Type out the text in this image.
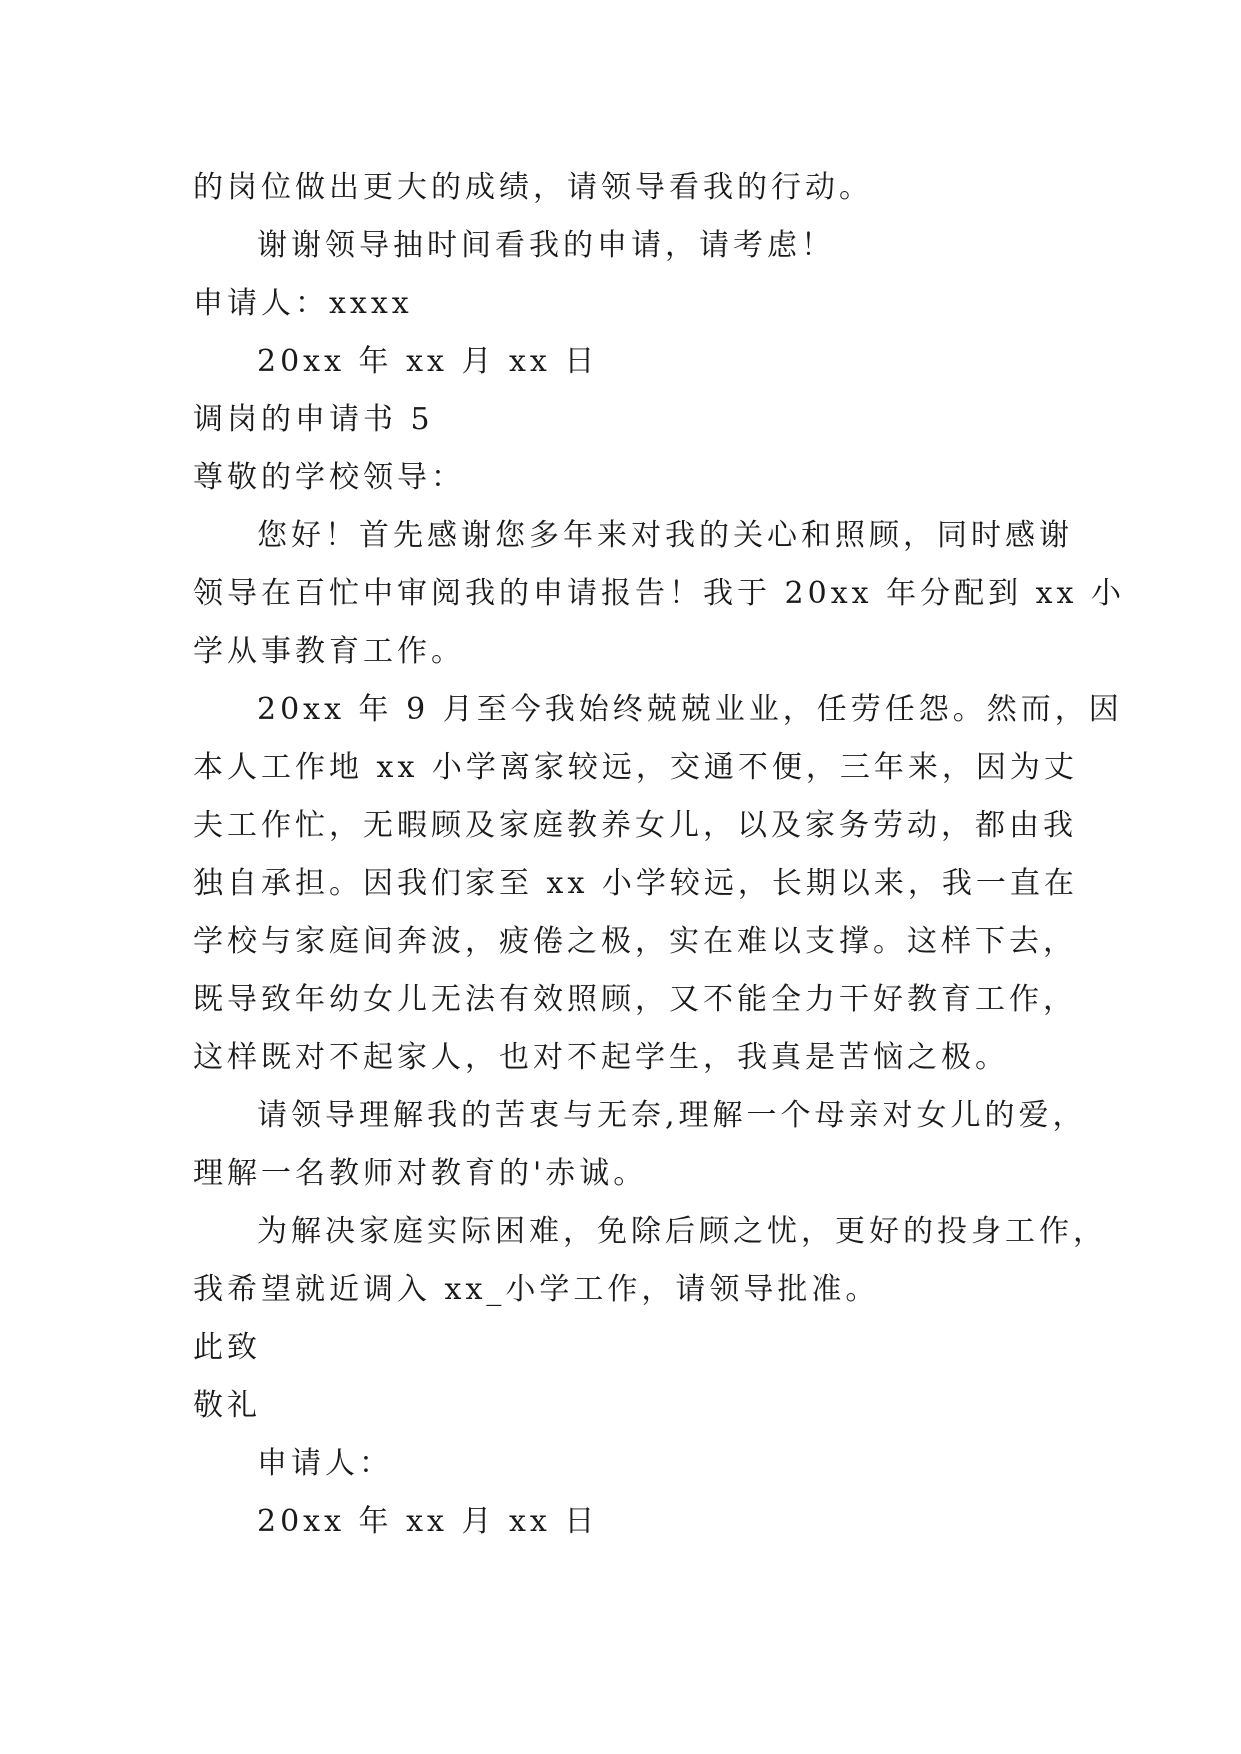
的岗位做出更大的成绩，请领导看我的行动。
谢谢领导抽时间看我的申请，请考虑！
申请人：xxxx
20xx 年 xx 月 xx 日
调岗的申请书 5
尊敬的学校领导：
您好！首先感谢您多年来对我的关心和照顾，同时感谢
领导在百忙中审阅我的申请报告！我于 20xx 年分配到 xx 小
学从事教育工作。
20xx 年 9 月至今我始终兢兢业业，任劳任怨。然而，因
本人工作地 xx 小学离家较远，交通不便，三年来，因为丈
夫工作忙，无暇顾及家庭教养女儿，以及家务劳动，都由我
独自承担。因我们家至 xx 小学较远，长期以来，我一直在
学校与家庭间奔波，疲倦之极，实在难以支撑。这样下去，
既导致年幼女儿无法有效照顾，又不能全力干好教育工作，
这样既对不起家人，也对不起学生，我真是苦恼之极。
请领导理解我的苦衷与无奈,理解一个母亲对女儿的爱，
理解一名教师对教育的'赤诚。
为解决家庭实际困难，免除后顾之忧，更好的投身工作，
我希望就近调入 xx_小学工作，请领导批准。
此致
敬礼
申请人：
20xx 年 xx 月 xx 日
